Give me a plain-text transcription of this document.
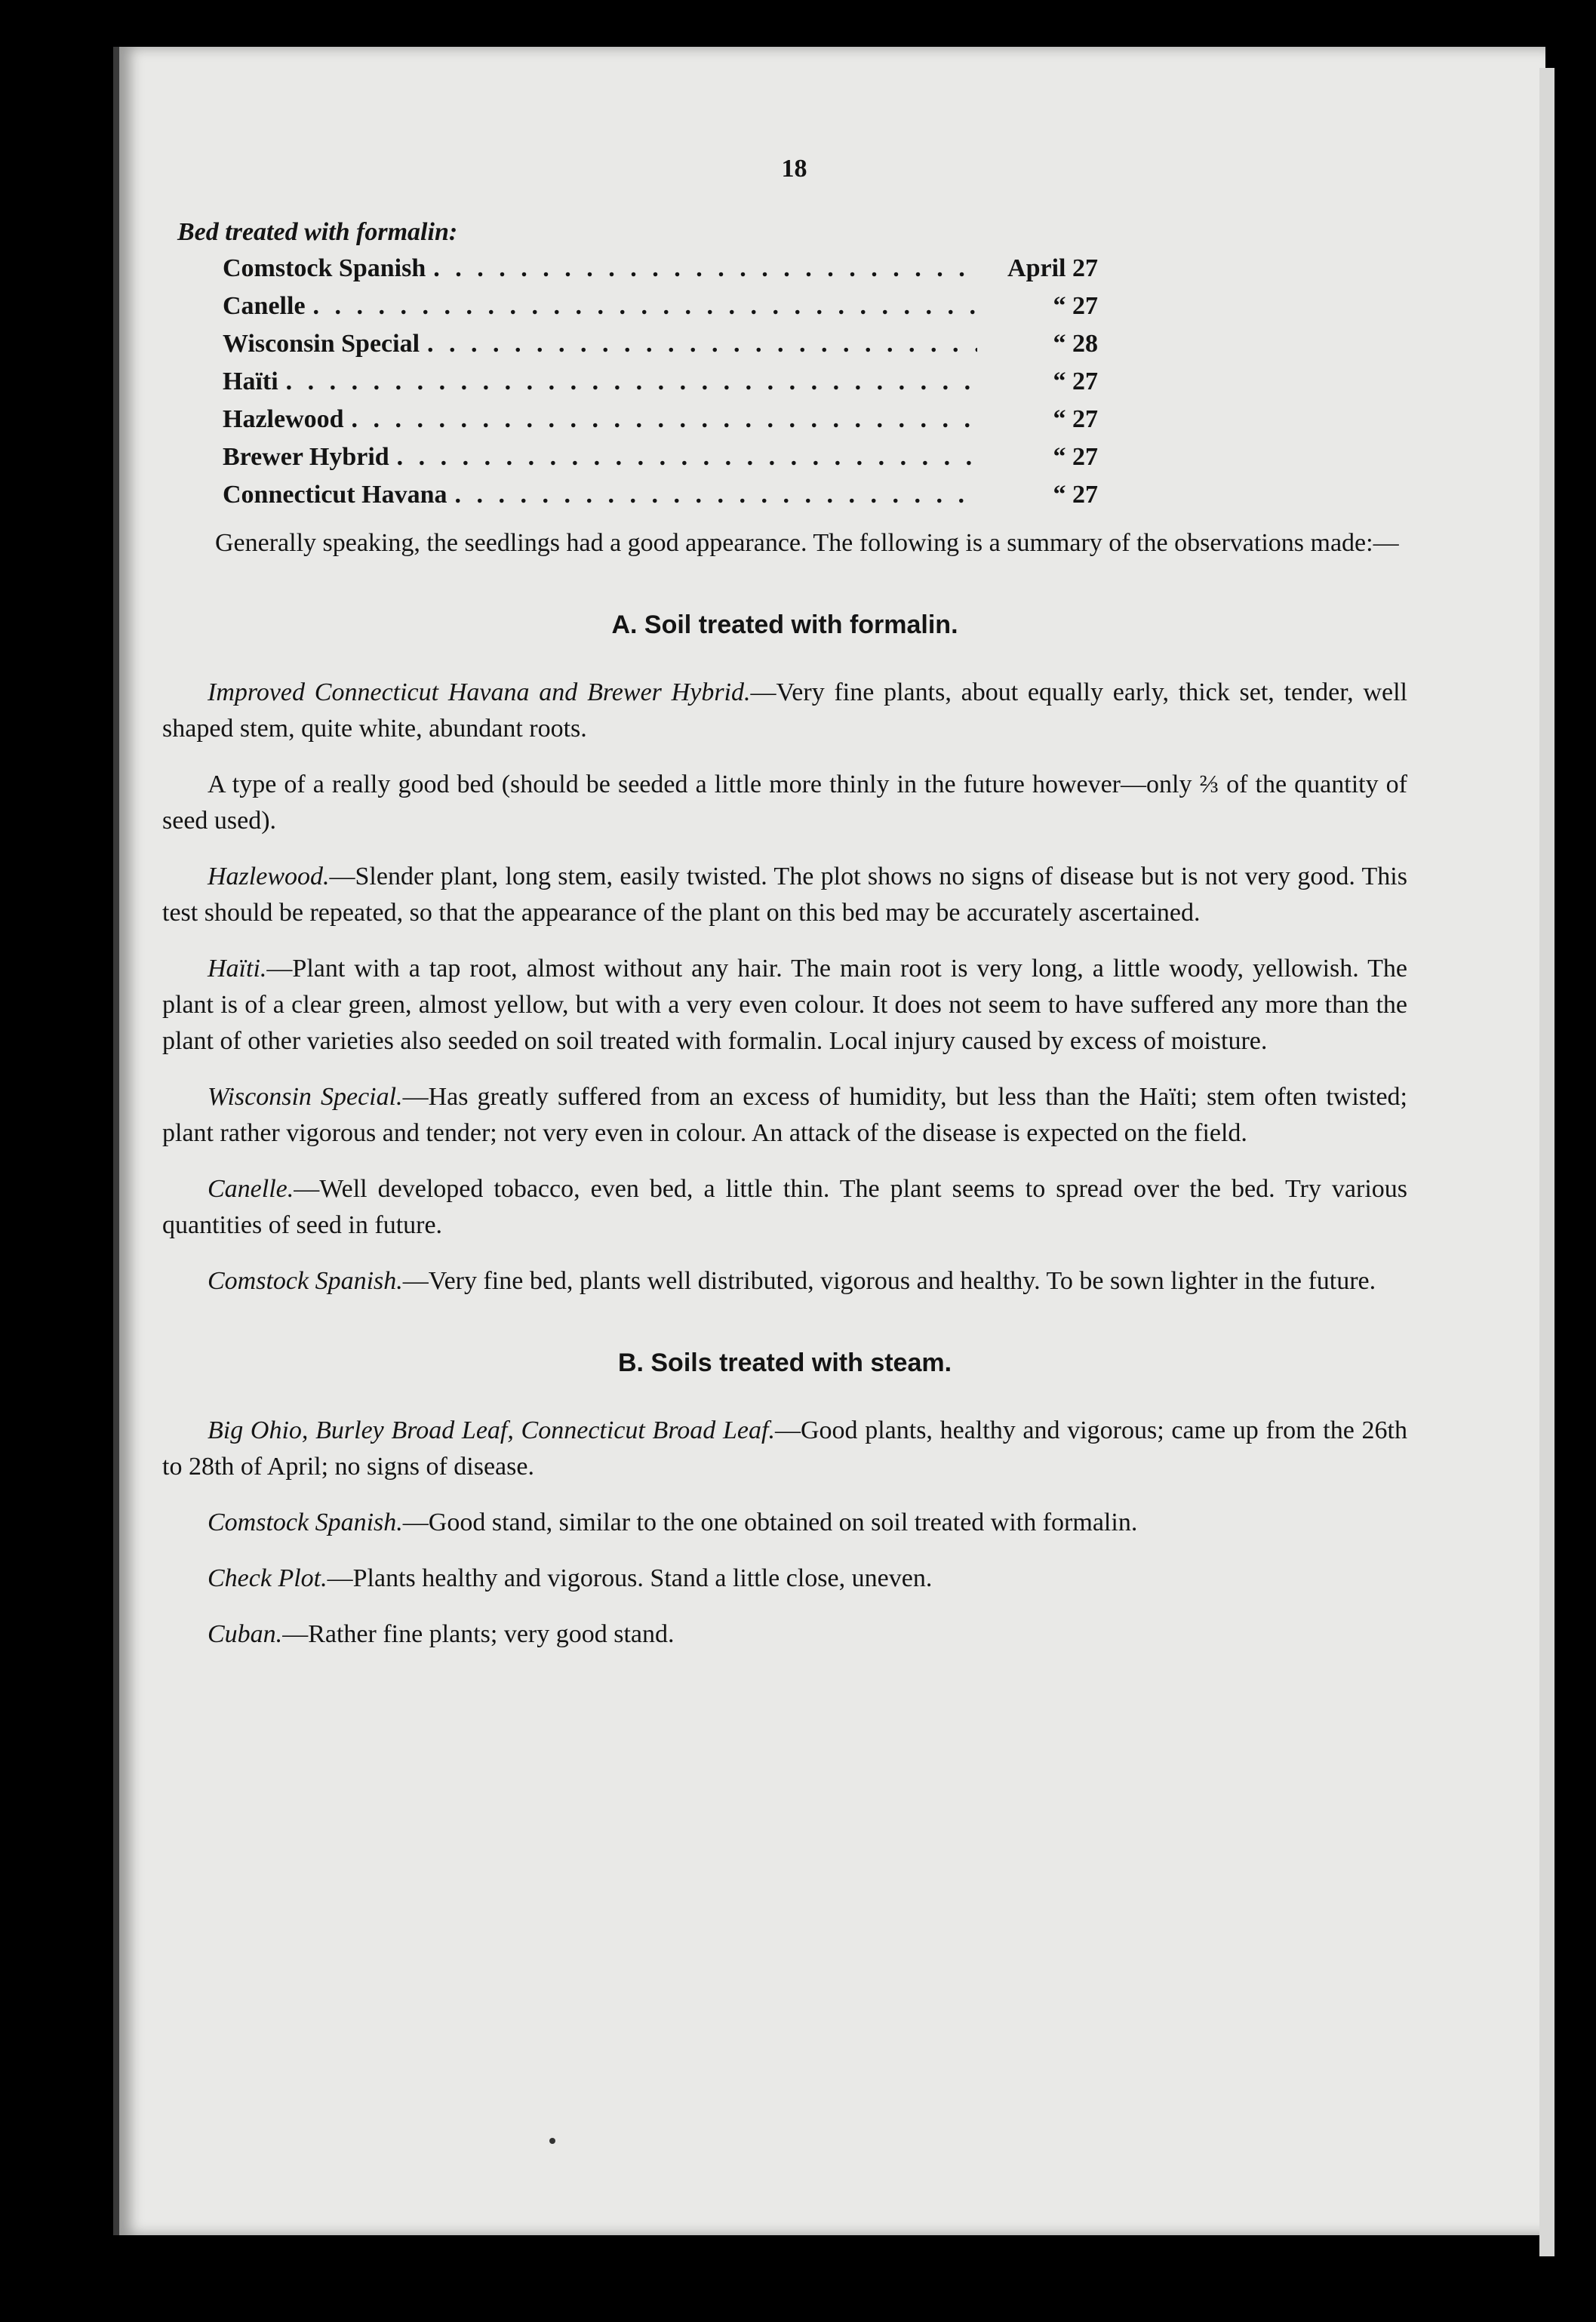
18
Bed treated with formalin:
Comstock Spanish . . .	April 27
Canelle . . .	“ 27
Wisconsin Special . . .	“ 28
Haïti . . .	“ 27
Hazlewood . . .	“ 27
Brewer Hybrid . . .	“ 27
Connecticut Havana . . .	“ 27

Generally speaking, the seedlings had a good appearance. The following is a summary of the observations made:—

A. Soil treated with formalin.

Improved Connecticut Havana and Brewer Hybrid.—Very fine plants, about equally early, thick set, tender, well shaped stem, quite white, abundant roots.

A type of a really good bed (should be seeded a little more thinly in the future however—only ⅔ of the quantity of seed used).

Hazlewood.—Slender plant, long stem, easily twisted. The plot shows no signs of disease but is not very good. This test should be repeated, so that the appearance of the plant on this bed may be accurately ascertained.

Haïti.—Plant with a tap root, almost without any hair. The main root is very long, a little woody, yellowish. The plant is of a clear green, almost yellow, but with a very even colour. It does not seem to have suffered any more than the plant of other varieties also seeded on soil treated with formalin. Local injury caused by excess of moisture.

Wisconsin Special.—Has greatly suffered from an excess of humidity, but less than the Haïti; stem often twisted; plant rather vigorous and tender; not very even in colour. An attack of the disease is expected on the field.

Canelle.—Well developed tobacco, even bed, a little thin. The plant seems to spread over the bed. Try various quantities of seed in future.

Comstock Spanish.—Very fine bed, plants well distributed, vigorous and healthy. To be sown lighter in the future.

B. Soils treated with steam.

Big Ohio, Burley Broad Leaf, Connecticut Broad Leaf.—Good plants, healthy and vigorous; came up from the 26th to 28th of April; no signs of disease.

Comstock Spanish.—Good stand, similar to the one obtained on soil treated with formalin.

Check Plot.—Plants healthy and vigorous. Stand a little close, uneven.

Cuban.—Rather fine plants; very good stand.
